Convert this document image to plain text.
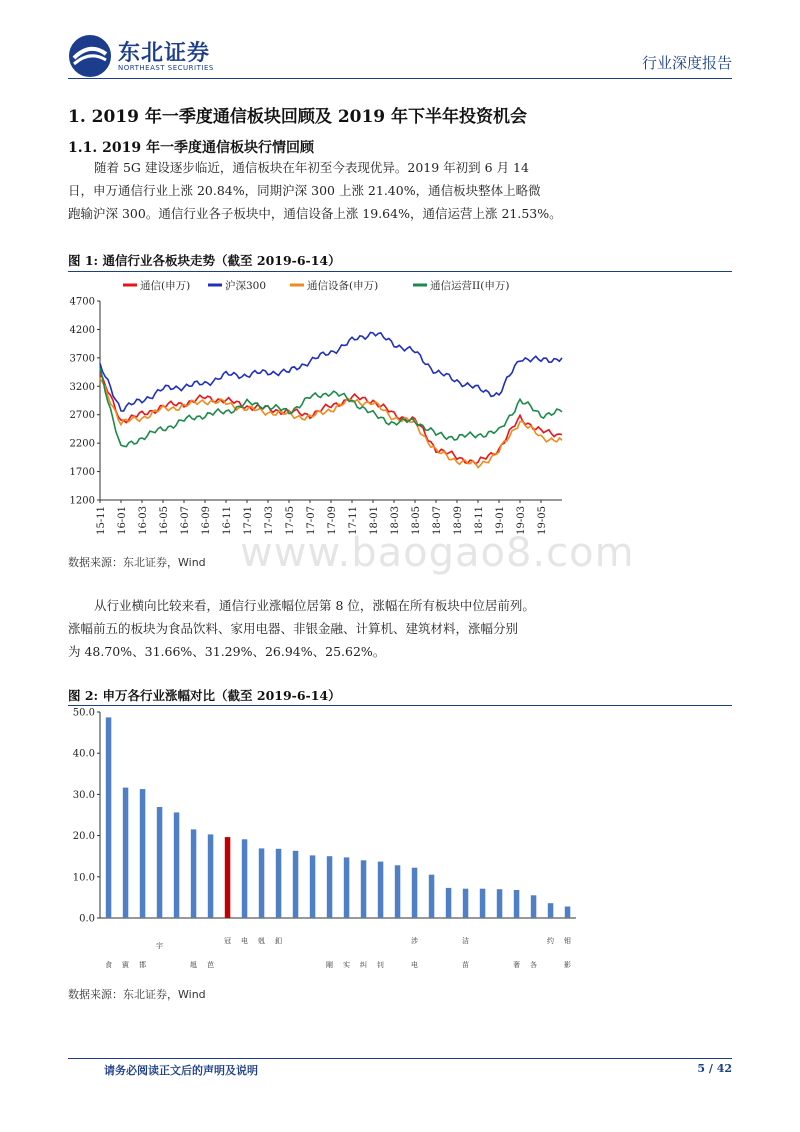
东北证券
NORTHEAST SECURITIES	行业深度报告
1. 2019 年一季度通信板块回顾及 2019 年下半年投资机会
1.1. 2019 年一季度通信板块行情回顾
随着 5G 建设逐步临近，通信板块在年初至今表现优异。2019 年初到 6 月 14
日，申万通信行业上涨 20.84%，同期沪深 300 上涨 21.40%，通信板块整体上略微
跑输沪深 300。通信行业各子板块中，通信设备上涨 19.64%，通信运营上涨 21.53%。
图 1: 通信行业各板块走势（截至 2019-6-14）
通信(申万)	沪深300	通信设备(申万)	通信运营II(申万)
4700
4200
3700
3200
2700
2200
1700
1200
15-11 16-01 16-03 16-05 16-07 16-09 16-11 17-01 17-03 17-05 17-07 17-09 17-11 18-01 18-03 18-05 18-07 18-09 18-11 19-01 19-03 19-05
数据来源：东北证券，Wind www.baogao8.com
从行业横向比较来看，通信行业涨幅位居第 8 位，涨幅在所有板块中位居前列。
涨幅前五的板块为食品饮料、家用电器、非银金融、计算机、建筑材料，涨幅分别
为 48.70%、31.66%、31.29%、26.94%、25.62%。
图 2: 申万各行业涨幅对比（截至 2019-6-14）
50.0
40.0
30.0
20.0
10.0
0.0
食 賓 邯
宇
趄 芭
冠 电 剋 釦
剛 实 纠 钊
涉
电
洁
苗	奢 各
约 钼
影
数据来源：东北证券，Wind
请务必阅读正文后的声明及说明	5 / 42
